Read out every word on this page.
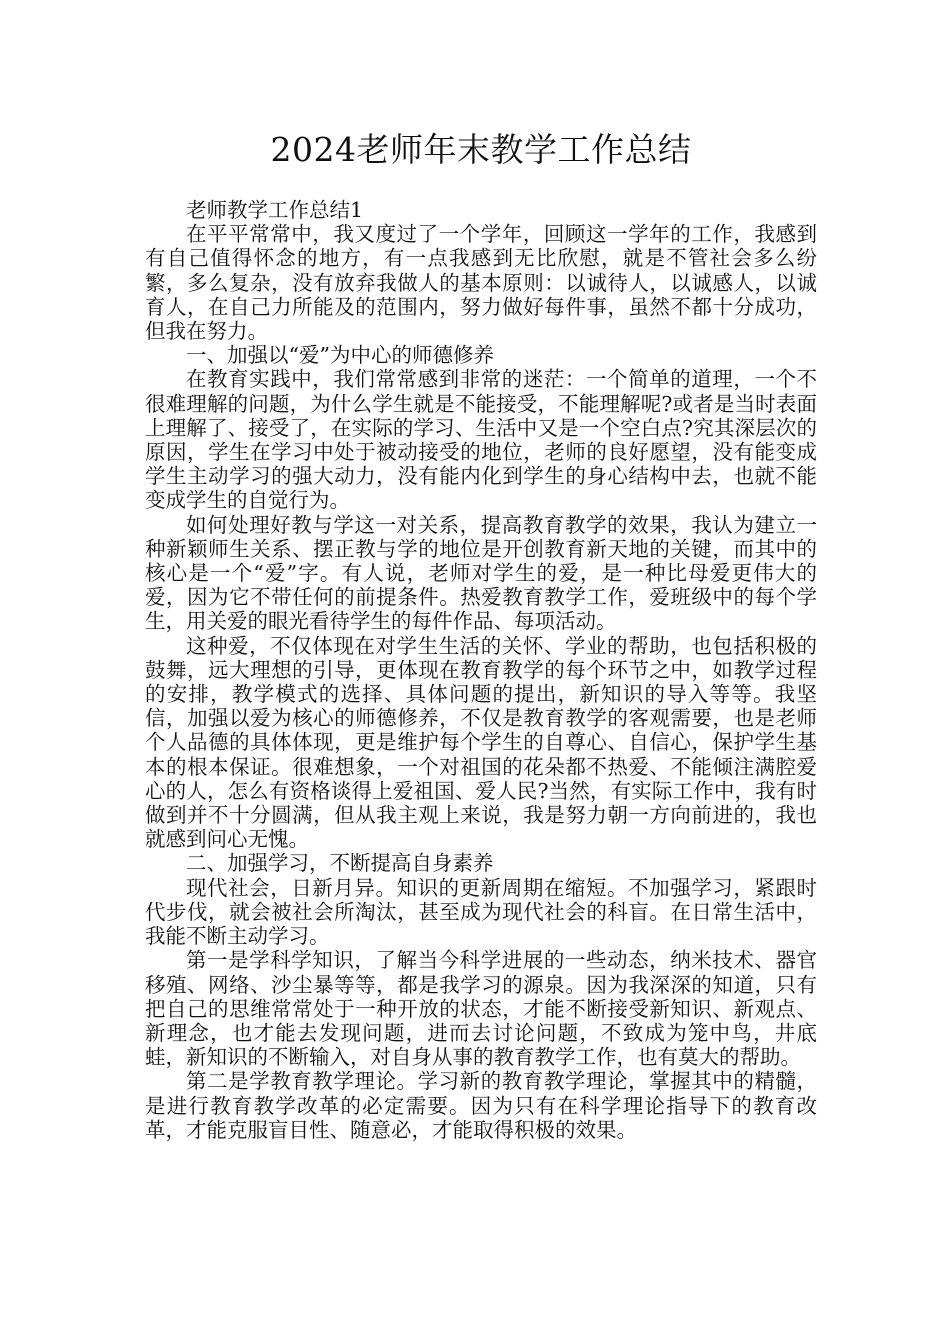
2024老师年末教学工作总结

老师教学工作总结1

在平平常常中，我又度过了一个学年，回顾这一学年的工作，我感到有自己值得怀念的地方，有一点我感到无比欣慰，就是不管社会多么纷繁，多么复杂，没有放弃我做人的基本原则：以诚待人，以诚感人，以诚育人，在自己力所能及的范围内，努力做好每件事，虽然不都十分成功，但我在努力。

一、加强以“爱”为中心的师德修养

在教育实践中，我们常常感到非常的迷茫：一个简单的道理，一个不很难理解的问题，为什么学生就是不能接受，不能理解呢?或者是当时表面上理解了、接受了，在实际的学习、生活中又是一个空白点?究其深层次的原因，学生在学习中处于被动接受的地位，老师的良好愿望，没有能变成学生主动学习的强大动力，没有能内化到学生的身心结构中去，也就不能变成学生的自觉行为。

如何处理好教与学这一对关系，提高教育教学的效果，我认为建立一种新颖师生关系、摆正教与学的地位是开创教育新天地的关键，而其中的核心是一个“爱”字。有人说，老师对学生的爱，是一种比母爱更伟大的爱，因为它不带任何的前提条件。热爱教育教学工作，爱班级中的每个学生，用关爱的眼光看待学生的每件作品、每项活动。

这种爱，不仅体现在对学生生活的关怀、学业的帮助，也包括积极的鼓舞，远大理想的引导，更体现在教育教学的每个环节之中，如教学过程的安排，教学模式的选择、具体问题的提出，新知识的导入等等。我坚信，加强以爱为核心的师德修养，不仅是教育教学的客观需要，也是老师个人品德的具体体现，更是维护每个学生的自尊心、自信心，保护学生基本的根本保证。很难想象，一个对祖国的花朵都不热爱、不能倾注满腔爱心的人，怎么有资格谈得上爱祖国、爱人民?当然，有实际工作中，我有时做到并不十分圆满，但从我主观上来说，我是努力朝一方向前进的，我也就感到问心无愧。

二、加强学习，不断提高自身素养

现代社会，日新月异。知识的更新周期在缩短。不加强学习，紧跟时代步伐，就会被社会所淘汰，甚至成为现代社会的科盲。在日常生活中，我能不断主动学习。

第一是学科学知识，了解当今科学进展的一些动态，纳米技术、器官移殖、网络、沙尘暴等等，都是我学习的源泉。因为我深深的知道，只有把自己的思维常常处于一种开放的状态，才能不断接受新知识、新观点、新理念，也才能去发现问题，进而去讨论问题，不致成为笼中鸟，井底蛙，新知识的不断输入，对自身从事的教育教学工作，也有莫大的帮助。

第二是学教育教学理论。学习新的教育教学理论，掌握其中的精髓，是进行教育教学改革的必定需要。因为只有在科学理论指导下的教育改革，才能克服盲目性、随意必，才能取得积极的效果。
